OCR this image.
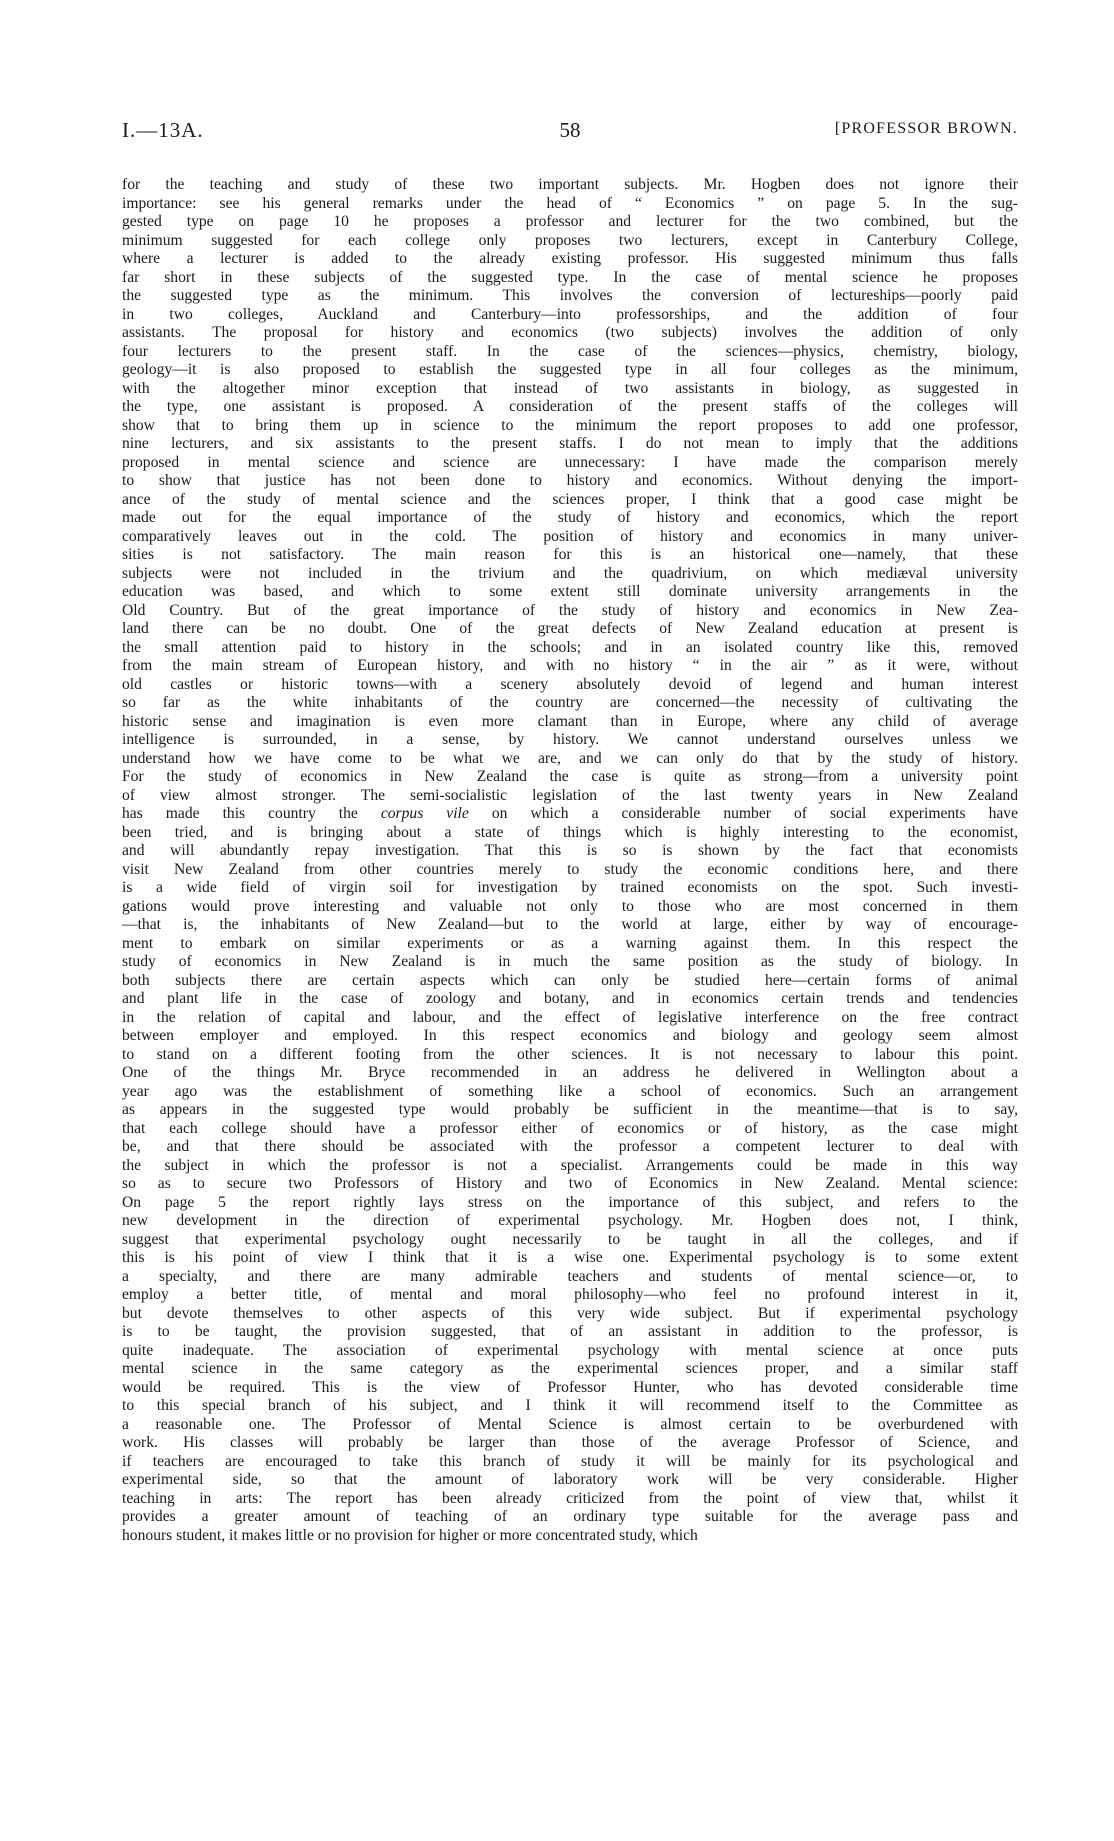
I.—13A.	58	[PROFESSOR BROWN.
for the teaching and study of these two important subjects. Mr. Hogben does not ignore their
importance: see his general remarks under the head of “ Economics ” on page 5. In the sug-
gested type on page 10 he proposes a professor and lecturer for the two combined, but the
minimum suggested for each college only proposes two lecturers, except in Canterbury College,
where a lecturer is added to the already existing professor. His suggested minimum thus falls
far short in these subjects of the suggested type. In the case of mental science he proposes
the suggested type as the minimum. This involves the conversion of lectureships—poorly paid
in two colleges, Auckland and Canterbury—into professorships, and the addition of four
assistants. The proposal for history and economics (two subjects) involves the addition of only
four lecturers to the present staff. In the case of the sciences—physics, chemistry, biology,
geology—it is also proposed to establish the suggested type in all four colleges as the minimum,
with the altogether minor exception that instead of two assistants in biology, as suggested in
the type, one assistant is proposed. A consideration of the present staffs of the colleges will
show that to bring them up in science to the minimum the report proposes to add one professor,
nine lecturers, and six assistants to the present staffs. I do not mean to imply that the additions
proposed in mental science and science are unnecessary: I have made the comparison merely
to show that justice has not been done to history and economics. Without denying the import-
ance of the study of mental science and the sciences proper, I think that a good case might be
made out for the equal importance of the study of history and economics, which the report
comparatively leaves out in the cold. The position of history and economics in many univer-
sities is not satisfactory. The main reason for this is an historical one—namely, that these
subjects were not included in the trivium and the quadrivium, on which mediæval university
education was based, and which to some extent still dominate university arrangements in the
Old Country. But of the great importance of the study of history and economics in New Zea-
land there can be no doubt. One of the great defects of New Zealand education at present is
the small attention paid to history in the schools; and in an isolated country like this, removed
from the main stream of European history, and with no history “ in the air ” as it were, without
old castles or historic towns—with a scenery absolutely devoid of legend and human interest
so far as the white inhabitants of the country are concerned—the necessity of cultivating the
historic sense and imagination is even more clamant than in Europe, where any child of average
intelligence is surrounded, in a sense, by history. We cannot understand ourselves unless we
understand how we have come to be what we are, and we can only do that by the study of history.
For the study of economics in New Zealand the case is quite as strong—from a university point
of view almost stronger. The semi-socialistic legislation of the last twenty years in New Zealand
has made this country the corpus vile on which a considerable number of social experiments have
been tried, and is bringing about a state of things which is highly interesting to the economist,
and will abundantly repay investigation. That this is so is shown by the fact that economists
visit New Zealand from other countries merely to study the economic conditions here, and there
is a wide field of virgin soil for investigation by trained economists on the spot. Such investi-
gations would prove interesting and valuable not only to those who are most concerned in them
—that is, the inhabitants of New Zealand—but to the world at large, either by way of encourage-
ment to embark on similar experiments or as a warning against them. In this respect the
study of economics in New Zealand is in much the same position as the study of biology. In
both subjects there are certain aspects which can only be studied here—certain forms of animal
and plant life in the case of zoology and botany, and in economics certain trends and tendencies
in the relation of capital and labour, and the effect of legislative interference on the free contract
between employer and employed. In this respect economics and biology and geology seem almost
to stand on a different footing from the other sciences. It is not necessary to labour this point.
One of the things Mr. Bryce recommended in an address he delivered in Wellington about a
year ago was the establishment of something like a school of economics. Such an arrangement
as appears in the suggested type would probably be sufficient in the meantime—that is to say,
that each college should have a professor either of economics or of history, as the case might
be, and that there should be associated with the professor a competent lecturer to deal with
the subject in which the professor is not a specialist. Arrangements could be made in this way
so as to secure two Professors of History and two of Economics in New Zealand. Mental science:
On page 5 the report rightly lays stress on the importance of this subject, and refers to the
new development in the direction of experimental psychology. Mr. Hogben does not, I think,
suggest that experimental psychology ought necessarily to be taught in all the colleges, and if
this is his point of view I think that it is a wise one. Experimental psychology is to some extent
a specialty, and there are many admirable teachers and students of mental science—or, to
employ a better title, of mental and moral philosophy—who feel no profound interest in it,
but devote themselves to other aspects of this very wide subject. But if experimental psychology
is to be taught, the provision suggested, that of an assistant in addition to the professor, is
quite inadequate. The association of experimental psychology with mental science at once puts
mental science in the same category as the experimental sciences proper, and a similar staff
would be required. This is the view of Professor Hunter, who has devoted considerable time
to this special branch of his subject, and I think it will recommend itself to the Committee as
a reasonable one. The Professor of Mental Science is almost certain to be overburdened with
work. His classes will probably be larger than those of the average Professor of Science, and
if teachers are encouraged to take this branch of study it will be mainly for its psychological and
experimental side, so that the amount of laboratory work will be very considerable. Higher
teaching in arts: The report has been already criticized from the point of view that, whilst it
provides a greater amount of teaching of an ordinary type suitable for the average pass and
honours student, it makes little or no provision for higher or more concentrated study, which
